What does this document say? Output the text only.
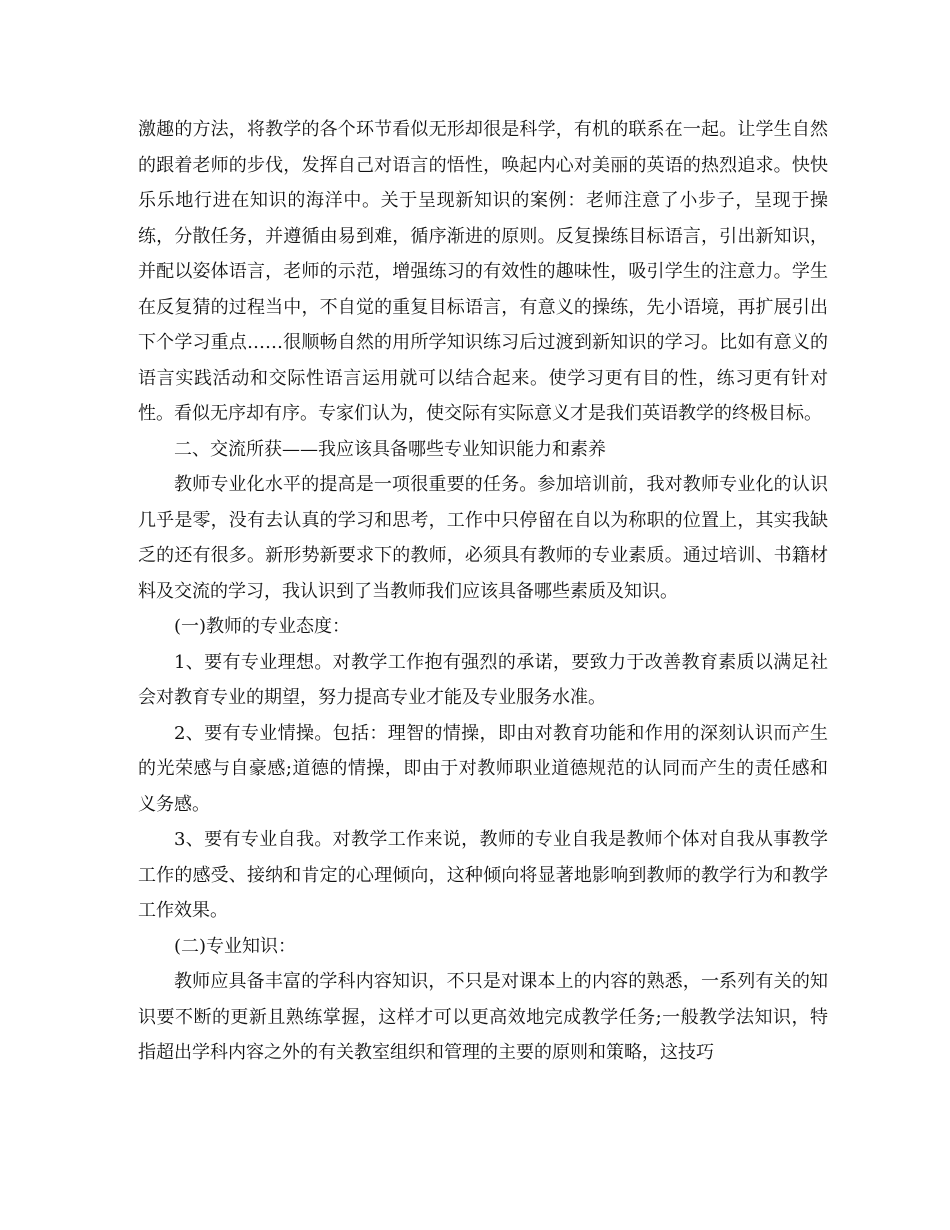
激趣的方法，将教学的各个环节看似无形却很是科学，有机的联系在一起。让学生自然的跟着老师的步伐，发挥自己对语言的悟性，唤起内心对美丽的英语的热烈追求。快快乐乐地行进在知识的海洋中。关于呈现新知识的案例：老师注意了小步子，呈现于操练，分散任务，并遵循由易到难，循序渐进的原则。反复操练目标语言，引出新知识，并配以姿体语言，老师的示范，增强练习的有效性的趣味性，吸引学生的注意力。学生在反复猜的过程当中，不自觉的重复目标语言，有意义的操练，先小语境，再扩展引出下个学习重点……很顺畅自然的用所学知识练习后过渡到新知识的学习。比如有意义的语言实践活动和交际性语言运用就可以结合起来。使学习更有目的性，练习更有针对性。看似无序却有序。专家们认为，使交际有实际意义才是我们英语教学的终极目标。

二、交流所获——我应该具备哪些专业知识能力和素养

教师专业化水平的提高是一项很重要的任务。参加培训前，我对教师专业化的认识几乎是零，没有去认真的学习和思考，工作中只停留在自以为称职的位置上，其实我缺乏的还有很多。新形势新要求下的教师，必须具有教师的专业素质。通过培训、书籍材料及交流的学习，我认识到了当教师我们应该具备哪些素质及知识。

(一)教师的专业态度：

1、要有专业理想。对教学工作抱有强烈的承诺，要致力于改善教育素质以满足社会对教育专业的期望，努力提高专业才能及专业服务水准。

2、要有专业情操。包括：理智的情操，即由对教育功能和作用的深刻认识而产生的光荣感与自豪感;道德的情操，即由于对教师职业道德规范的认同而产生的责任感和义务感。

3、要有专业自我。对教学工作来说，教师的专业自我是教师个体对自我从事教学工作的感受、接纳和肯定的心理倾向，这种倾向将显著地影响到教师的教学行为和教学工作效果。

(二)专业知识：

教师应具备丰富的学科内容知识，不只是对课本上的内容的熟悉，一系列有关的知识要不断的更新且熟练掌握，这样才可以更高效地完成教学任务;一般教学法知识，特指超出学科内容之外的有关教室组织和管理的主要的原则和策略，这技巧
